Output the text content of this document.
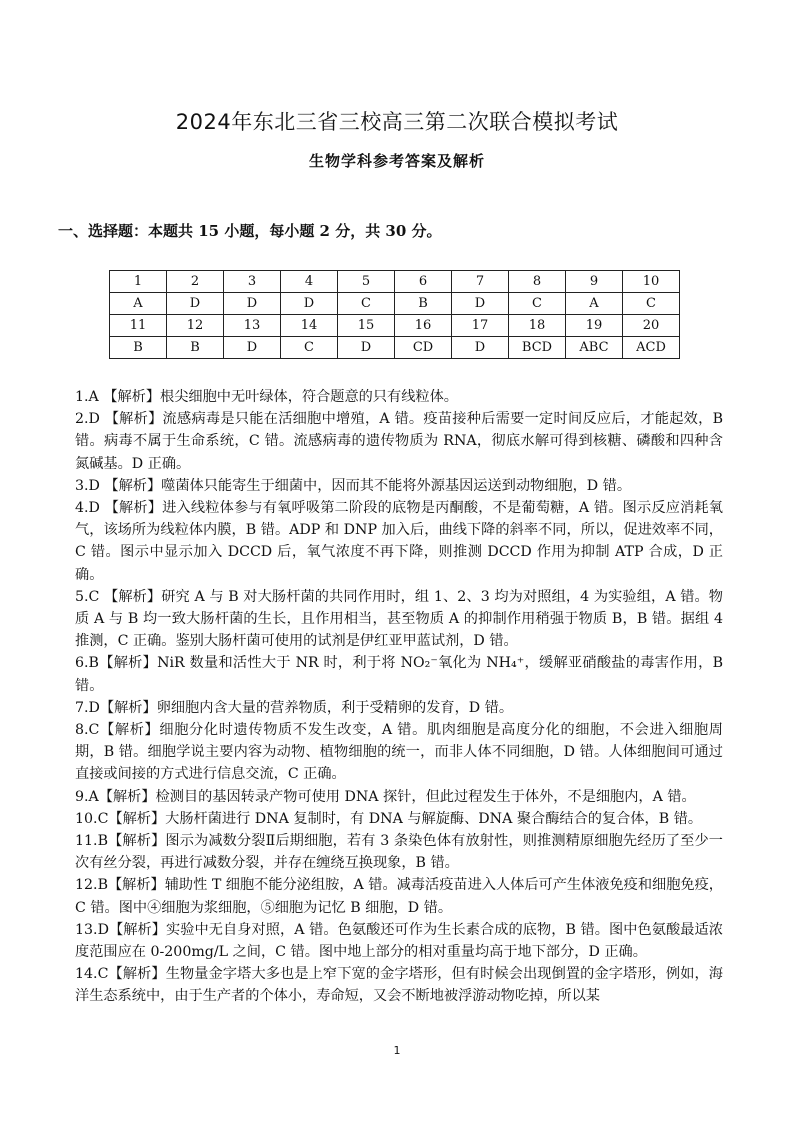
2024年东北三省三校高三第二次联合模拟考试
生物学科参考答案及解析
一、选择题：本题共 15 小题，每小题 2 分，共 30 分。
1	2	3	4	5	6	7	8	9	10
A	D	D	D	C	B	D	C	A	C
11	12	13	14	15	16	17	18	19	20
B	B	D	C	D	CD	D	BCD	ABC	ACD

1.A 【解析】根尖细胞中无叶绿体，符合题意的只有线粒体。

2.D 【解析】流感病毒是只能在活细胞中增殖，A 错。疫苗接种后需要一定时间反应后，才能起效，B 错。病毒不属于生命系统，C 错。流感病毒的遗传物质为 RNA，彻底水解可得到核糖、磷酸和四种含氮碱基。D 正确。

3.D 【解析】噬菌体只能寄生于细菌中，因而其不能将外源基因运送到动物细胞，D 错。

4.D 【解析】进入线粒体参与有氧呼吸第二阶段的底物是丙酮酸，不是葡萄糖，A 错。图示反应消耗氧气，该场所为线粒体内膜，B 错。ADP 和 DNP 加入后，曲线下降的斜率不同，所以，促进效率不同，C 错。图示中显示加入 DCCD 后，氧气浓度不再下降，则推测 DCCD 作用为抑制 ATP 合成，D 正确。

5.C 【解析】研究 A 与 B 对大肠杆菌的共同作用时，组 1、2、3 均为对照组，4 为实验组，A 错。物质 A 与 B 均一致大肠杆菌的生长，且作用相当，甚至物质 A 的抑制作用稍强于物质 B，B 错。据组 4 推测，C 正确。鉴别大肠杆菌可使用的试剂是伊红亚甲蓝试剂，D 错。

6.B【解析】NiR 数量和活性大于 NR 时，利于将 NO₂⁻氧化为 NH₄⁺，缓解亚硝酸盐的毒害作用，B 错。

7.D【解析】卵细胞内含大量的营养物质，利于受精卵的发育，D 错。

8.C【解析】细胞分化时遗传物质不发生改变，A 错。肌肉细胞是高度分化的细胞，不会进入细胞周期，B 错。细胞学说主要内容为动物、植物细胞的统一，而非人体不同细胞，D 错。人体细胞间可通过直接或间接的方式进行信息交流，C 正确。

9.A【解析】检测目的基因转录产物可使用 DNA 探针，但此过程发生于体外，不是细胞内，A 错。

10.C【解析】大肠杆菌进行 DNA 复制时，有 DNA 与解旋酶、DNA 聚合酶结合的复合体，B 错。

11.B【解析】图示为减数分裂Ⅱ后期细胞，若有 3 条染色体有放射性，则推测精原细胞先经历了至少一次有丝分裂，再进行减数分裂，并存在缠绕互换现象，B 错。

12.B【解析】辅助性 T 细胞不能分泌组胺，A 错。减毒活疫苗进入人体后可产生体液免疫和细胞免疫，C 错。图中④细胞为浆细胞，⑤细胞为记忆 B 细胞，D 错。

13.D【解析】实验中无自身对照，A 错。色氨酸还可作为生长素合成的底物，B 错。图中色氨酸最适浓度范围应在 0-200mg/L 之间，C 错。图中地上部分的相对重量均高于地下部分，D 正确。

14.C【解析】生物量金字塔大多也是上窄下宽的金字塔形，但有时候会出现倒置的金字塔形，例如，海洋生态系统中，由于生产者的个体小，寿命短，又会不断地被浮游动物吃掉，所以某

1
